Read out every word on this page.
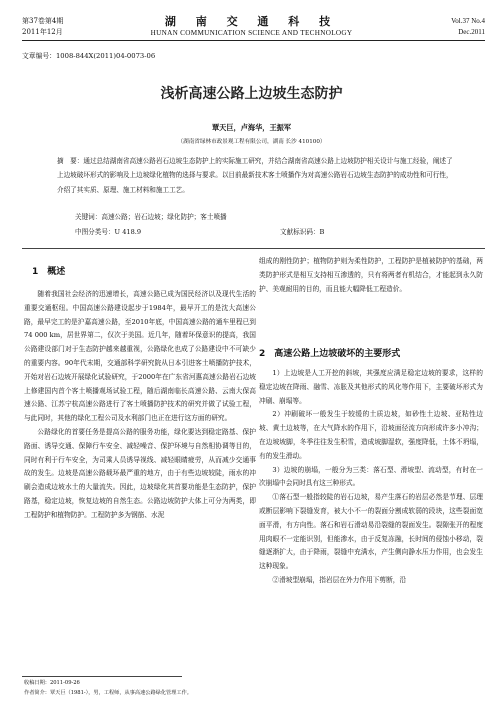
第37卷第4期
2011年12月
湖 南 交 通 科 技
HUNAN COMMUNICATION SCIENCE AND TECHNOLOGY
Vol.37 No.4
Dec.2011
文章编号：1008-844X(2011)04-0073-06
浅析高速公路上边坡生态防护
覃天巨，卢海华，王振军
（湖南省绿林市政景观工程有限公司，湖南 长沙 410100）
摘　要：通过总结湖南省高速公路岩石边坡生态防护上的实际施工研究，并结合湖南省高速公路上边坡防护相关设计与施工经验，阐述了上边坡破坏形式的影响及上边坡绿化植物的选择与要求。以目前最新技术客土喷播作为对高速公路岩石边坡生态防护的成功性和可行性，介绍了其实质、原理、施工材料和施工工艺。
关键词：高速公路；岩石边坡；绿化防护；客土喷播
中图分类号：U 418.9	文献标识码：B
1　概述

随着我国社会经济的迅速增长，高速公路已成为国民经济以及现代生活的重要交通枢纽。中国高速公路建设起步于1984年，最早开工的是沈大高速公路，最早完工的是沪嘉高速公路，至2010年底，中国高速公路的通车里程已到74 000 km，居世界第二，仅次于美国。近几年，随着环保意识的提高，我国公路建设部门对于生态防护越来越重视，公路绿化也成了公路建设中不可缺少的重要内容。90年代末期，交通部科学研究院从日本引进客土喷播防护技术，开始对岩石边坡开展绿化试验研究，于2000年在广东省河惠高速公路岩石边坡上修建国内首个客土喷播观场试验工程，随后湖南临长高速公路、云南大保高速公路、江苏宁杭高速公路进行了客土喷播防护技术的研究并做了试验工程，与此同时，其他的绿化工程公司及水利部门也正在进行这方面的研究。

公路绿化的首要任务是提高公路的服务功能，绿化要达到稳定路基、保护路面、诱导交通、保障行车安全、减轻噪音、保护环境与自然相协调等目的，同时有利于行车安全，为司乘人员诱导视线、减轻眼睛疲劳，从而减少交通事故的发生。边坡是高速公路载环最严重的地方，由于有些边坡较陡，雨水的冲刷会造成边坡水土的大量流失。因此，边坡绿化其首要功能是生态防护，保护路基，稳定边坡，恢复边坡的自然生态。公路边坡防护大体上可分为两类，即工程防护和植物防护。工程防护多为钢筋、水泥

组成的刚性防护；植物防护则为柔性防护，工程防护是植被防护的基础，两类防护形式是相互支持相互渗透的，只有将两者有机结合，才能起到永久防护、美观耐用的目的，而且能大幅降低工程造价。

2　高速公路上边坡破坏的主要形式

1）上边坡是人工开挖的斜坡，其强度应满足稳定边坡的要求，这样的稳定边坡在降雨、融雪、冻胀及其他形式的风化等作用下，主要破坏形式为冲刷、崩塌等。

2）冲刷破坏一般发生于较缓的土质边坡，如砂性土边坡、亚粘性边坡、黄土边坡等，在大气降水的作用下，沿坡面径流方向形成许多小冲沟；在边坡坡脚，冬季往往发生积雪，造成坡脚湿软，强度降低，土体不坍塌，有的发生滑动。

3）边坡的崩塌，一般分为三类：落石型、滑坡型、流动型，有时在一次崩塌中会同时具有这三种形式。

①落石型一般指较陡的岩石边坡，易产生落石的岩层必然是节理、层理或断层影响下裂缝发育，被大小不一的裂面分割成软弱的段块，这些裂面宽面平滑，有方向性。落石和岩石滑动易沿裂缝的裂面发生。裂隙张开的程度用肉眼不一定能识别，但能渗水，由于反复冻融，长时间的侵蚀小移动，裂缝逐渐扩大，由于降雨，裂缝中充满水，产生侧向静水压力作用，也会发生这种现象。

②滑坡型崩塌，指岩层在外力作用下剪断，沿

收稿日期：2011-09-26
作者简介：覃天巨（1981-），男，工程师，从事高速公路绿化管理工作。
